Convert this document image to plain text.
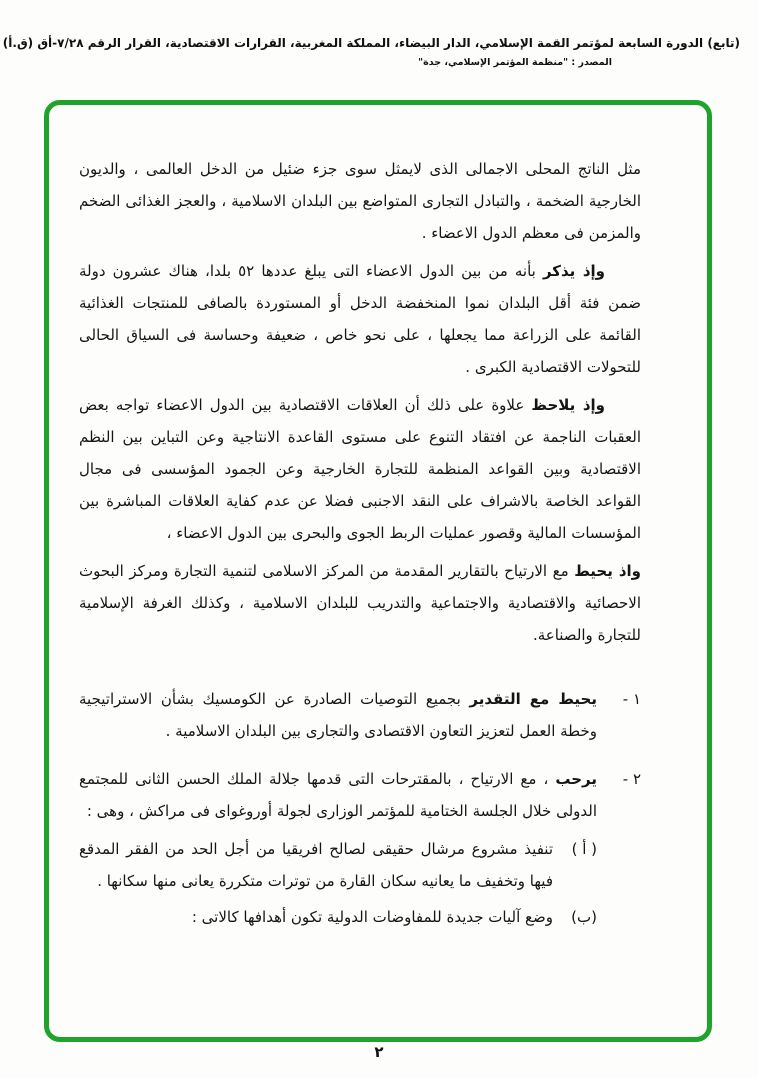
(تابع) الدورة السابعة لمؤتمر القمة الإسلامي، الدار البيضاء، المملكة المغربية، القرارات الاقتصادية، القرار الرقم ٧/٢٨-أق (ق.أ)
المصدر : "منظمة المؤتمر الإسلامي، جدة"

مثل الناتج المحلى الاجمالى الذى لايمثل سوى جزء ضئيل من الدخل العالمى ، والديون الخارجية الضخمة ، والتبادل التجارى المتواضع بين البلدان الاسلامية ، والعجز الغذائى الضخم والمزمن فى معظم الدول الاعضاء .

وإذ يذكر بأنه من بين الدول الاعضاء التى يبلغ عددها ٥٢ بلدا، هناك عشرون دولة ضمن فئة أقل البلدان نموا المنخفضة الدخل أو المستوردة بالصافى للمنتجات الغذائية القائمة على الزراعة مما يجعلها ، على نحو خاص ، ضعيفة وحساسة فى السياق الحالى للتحولات الاقتصادية الكبرى .

وإذ يلاحظ علاوة على ذلك أن العلاقات الاقتصادية بين الدول الاعضاء تواجه بعض العقبات الناجمة عن افتقاد التنوع على مستوى القاعدة الانتاجية وعن التباين بين النظم الاقتصادية وبين القواعد المنظمة للتجارة الخارجية وعن الجمود المؤسسى فى مجال القواعد الخاصة بالاشراف على النقد الاجنبى فضلا عن عدم كفاية العلاقات المباشرة بين المؤسسات المالية وقصور عمليات الربط الجوى والبحرى بين الدول الاعضاء ،

واذ يحيط مع الارتياح بالتقارير المقدمة من المركز الاسلامى لتنمية التجارة ومركز البحوث الاحصائية والاقتصادية والاجتماعية والتدريب للبلدان الاسلامية ، وكذلك الغرفة الإسلامية للتجارة والصناعة.

١ -

يحيط مع التقدير بجميع التوصيات الصادرة عن الكومسيك بشأن الاستراتيجية وخطة العمل لتعزيز التعاون الاقتصادى والتجارى بين البلدان الاسلامية .

٢ -

يرحب ، مع الارتياح ، بالمقترحات التى قدمها جلالة الملك الحسن الثانى للمجتمع الدولى خلال الجلسة الختامية للمؤتمر الوزارى لجولة أوروغواى فى مراكش ، وهى :

( أ )

تنفيذ مشروع مرشال حقيقى لصالح افريقيا من أجل الحد من الفقر المدقع فيها وتخفيف ما يعانيه سكان القارة من توترات متكررة يعانى منها سكانها .

(ب)

وضع آليات جديدة للمفاوضات الدولية تكون أهدافها كالاتى :

٢
